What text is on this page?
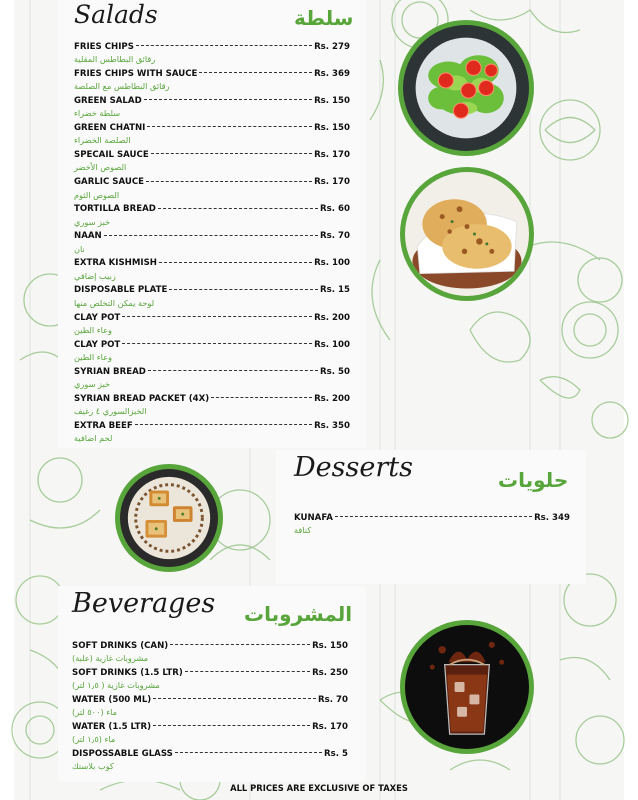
Salads	سلطة
FRIES CHIPS	Rs. 279
رقائق البطاطس المقلية
FRIES CHIPS WITH SAUCE	Rs. 369
رقائق البطاطس مع الصلصة
GREEN SALAD	Rs. 150
سلطة خضراء
GREEN CHATNI	Rs. 150
الصلصة الخضراء
SPECAIL SAUCE	Rs. 170
الصوص الأخضر
GARLIC SAUCE	Rs. 170
الصوص الثوم
TORTILLA BREAD	Rs. 60
خبز سوري
NAAN	Rs. 70
نان
EXTRA KISHMISH	Rs. 100
زبيب إضافي
DISPOSABLE PLATE	Rs. 15
لوحة يمكن التخلص منها
CLAY POT	Rs. 200
وعاء الطين
CLAY POT	Rs. 100
وعاء الطين
SYRIAN BREAD	Rs. 50
خبز سوري
SYRIAN BREAD PACKET (4X)	Rs. 200
الخبزالسوري ٤ رغيف
EXTRA BEEF	Rs. 350
لحم اضافية
Desserts	حلويات
KUNAFA	Rs. 349
كنافة
Beverages المشروبات
SOFT DRINKS (CAN)	Rs. 150
مشروبات غازية (علبة)
SOFT DRINKS (1.5 LTR)	Rs. 250
مشروبات غازية ( ١٫٥ لتر)
WATER (500 ML)	Rs. 70
ماء (٥٠٠ لتر)
WATER (1.5 LTR)	Rs. 170
ماء (١٫٥ لتر)
DISPOSSABLE GLASS	Rs. 5
كوب بلاستك
ALL PRICES ARE EXCLUSIVE OF TAXES
